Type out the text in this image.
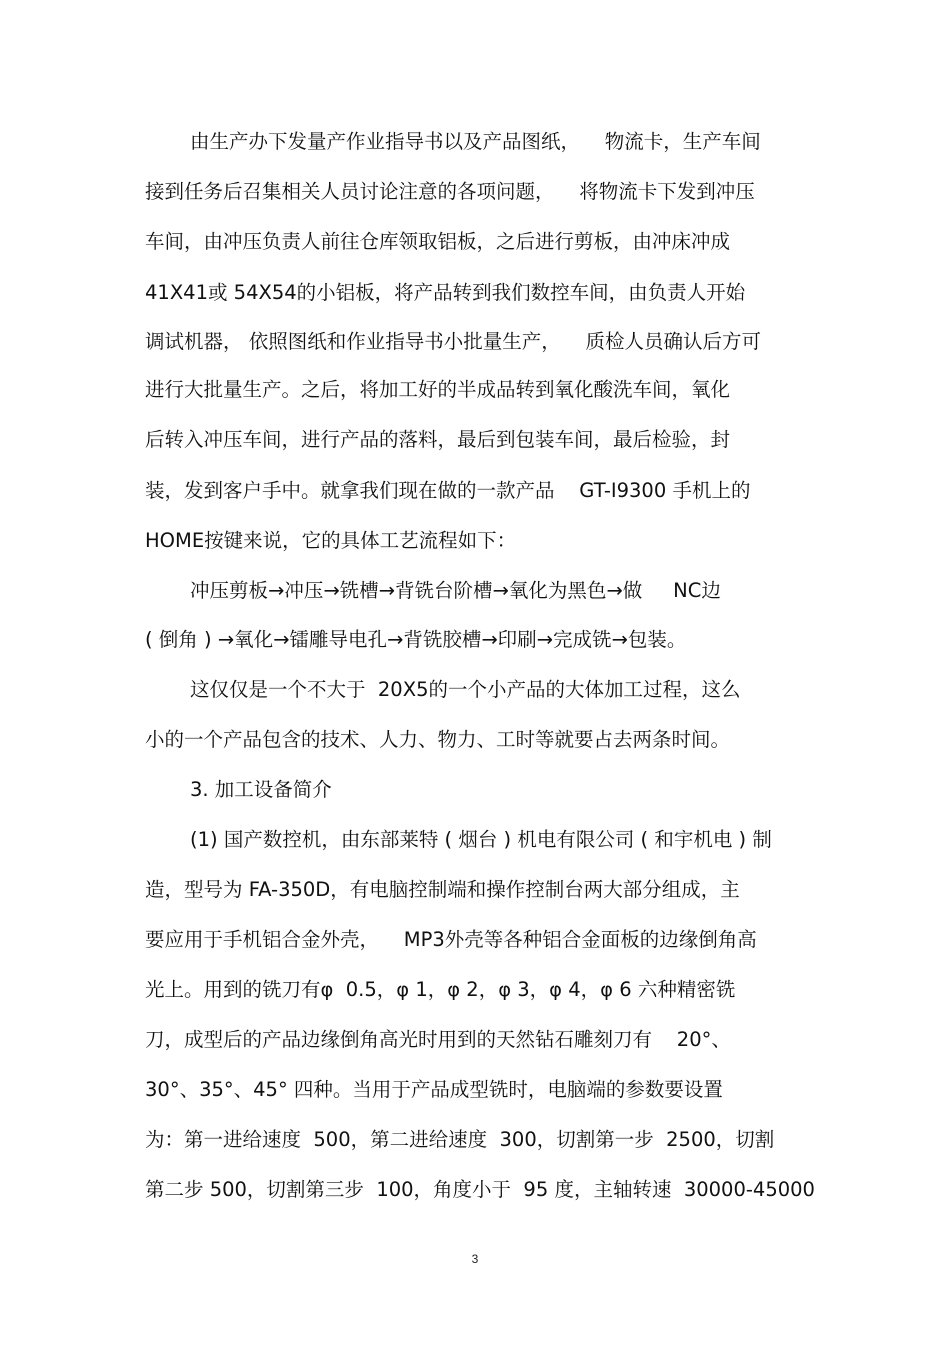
由生产办下发量产作业指导书以及产品图纸，    物流卡，生产车间
接到任务后召集相关人员讨论注意的各项问题，    将物流卡下发到冲压
车间，由冲压负责人前往仓库领取铝板，之后进行剪板，由冲床冲成
41X41或 54X54的小铝板，将产品转到我们数控车间，由负责人开始
调试机器， 依照图纸和作业指导书小批量生产，    质检人员确认后方可
进行大批量生产。之后，将加工好的半成品转到氧化酸洗车间，氧化
后转入冲压车间，进行产品的落料，最后到包装车间，最后检验，封
装，发到客户手中。就拿我们现在做的一款产品    GT-I9300 手机上的
HOME按键来说，它的具体工艺流程如下：
冲压剪板→冲压→铣槽→背铣台阶槽→氧化为黑色→做     NC边
( 倒角 ) →氧化→镭雕导电孔→背铣胶槽→印刷→完成铣→包装。
这仅仅是一个不大于  20X5的一个小产品的大体加工过程，这么
小的一个产品包含的技术、人力、物力、工时等就要占去两条时间。
3. 加工设备简介
(1) 国产数控机，由东部莱特 ( 烟台 ) 机电有限公司 ( 和宇机电 ) 制
造，型号为 FA-350D，有电脑控制端和操作控制台两大部分组成，主
要应用于手机铝合金外壳，    MP3外壳等各种铝合金面板的边缘倒角高
光上。用到的铣刀有φ  0.5，φ 1，φ 2，φ 3，φ 4，φ 6 六种精密铣
刀，成型后的产品边缘倒角高光时用到的天然钻石雕刻刀有    20°、
30°、35°、45° 四种。当用于产品成型铣时，电脑端的参数要设置
为：第一进给速度  500，第二进给速度  300，切割第一步  2500，切割
第二步 500，切割第三步  100，角度小于  95 度，主轴转速  30000-45000
3
